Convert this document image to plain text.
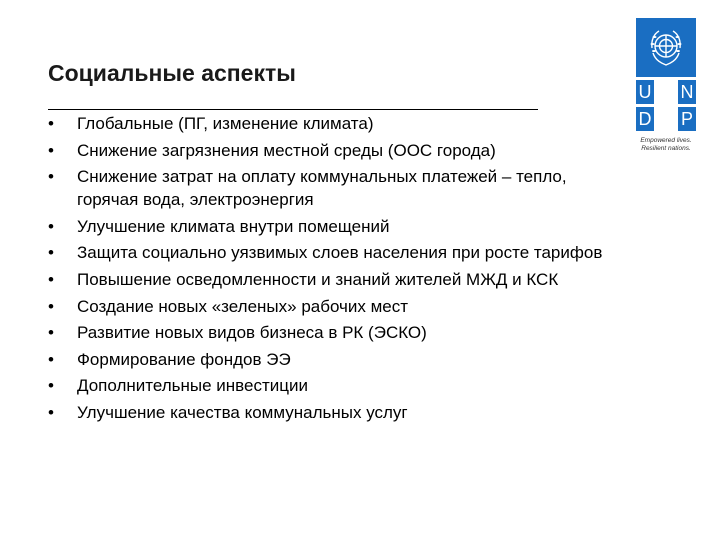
Социальные аспекты
•	Глобальные (ПГ, изменение климата)
•	Снижение загрязнения местной среды (ООС города)
•	Снижение затрат на оплату коммунальных платежей – тепло, горячая вода, электроэнергия
•	Улучшение климата внутри помещений
•	Защита социально уязвимых слоев населения при росте тарифов
•	Повышение осведомленности и знаний жителей МЖД и КСК
•	Создание новых «зеленых» рабочих мест
•	Развитие новых видов бизнеса в РК (ЭСКО)
•	Формирование фондов ЭЭ
•	Дополнительные инвестиции
•	Улучшение качества коммунальных услуг
U N
D P
Empowered lives. Resilient nations.
